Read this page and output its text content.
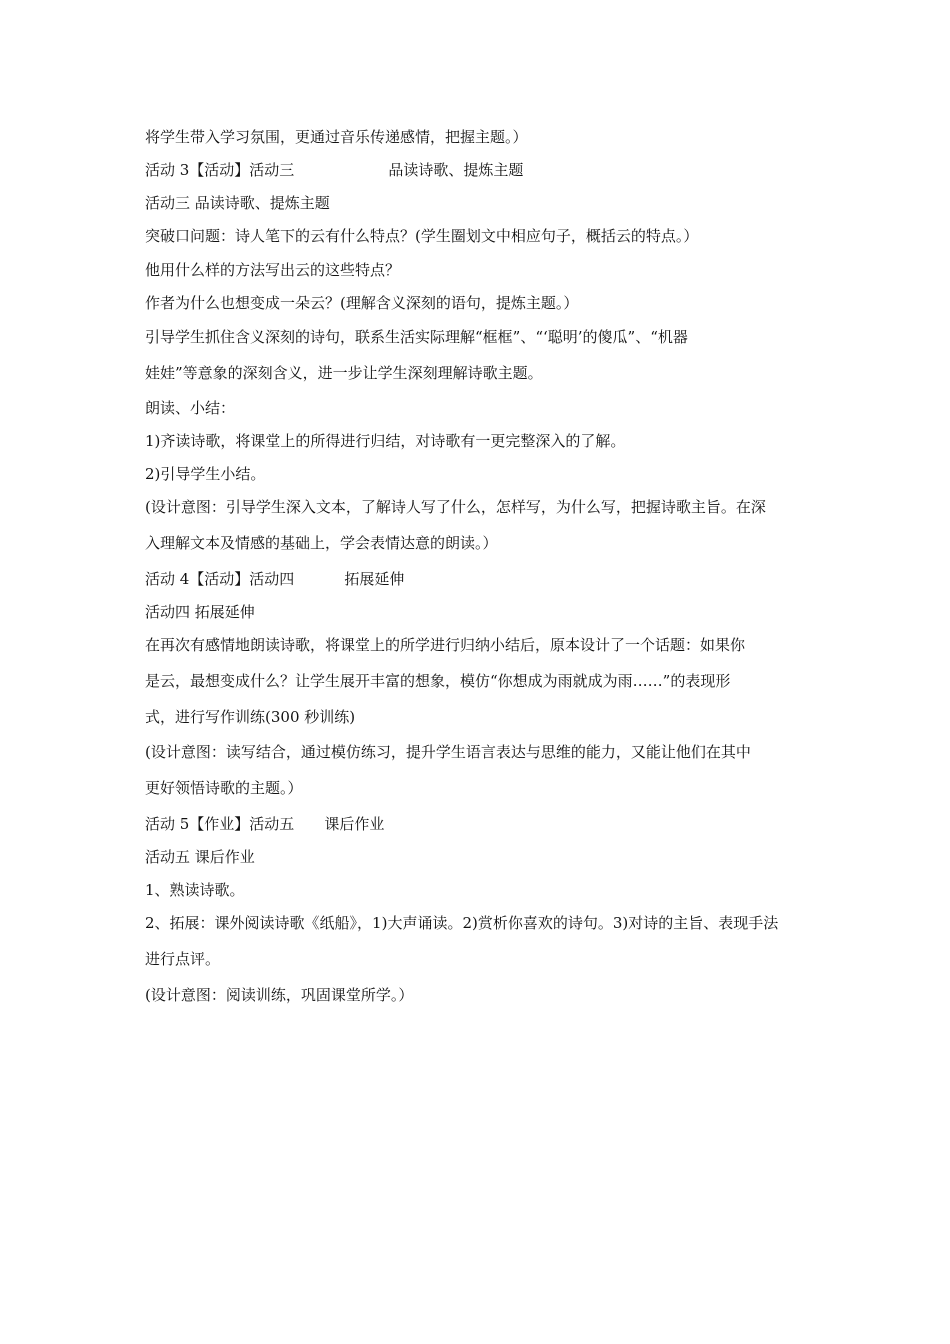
将学生带入学习氛围，更通过音乐传递感情，把握主题。）
活动 3【活动】活动三	品读诗歌、提炼主题
活动三 品读诗歌、提炼主题
突破口问题：诗人笔下的云有什么特点？(学生圈划文中相应句子，概括云的特点。）
他用什么样的方法写出云的这些特点？
作者为什么也想变成一朵云？(理解含义深刻的语句，提炼主题。）
引导学生抓住含义深刻的诗句，联系生活实际理解“框框”、“‘聪明’的傻瓜”、“机器
娃娃”等意象的深刻含义，进一步让学生深刻理解诗歌主题。
朗读、小结：
1)齐读诗歌，将课堂上的所得进行归结，对诗歌有一更完整深入的了解。
2)引导学生小结。
(设计意图：引导学生深入文本，了解诗人写了什么，怎样写，为什么写，把握诗歌主旨。在深
入理解文本及情感的基础上，学会表情达意的朗读。）
活动 4【活动】活动四	拓展延伸
活动四 拓展延伸
在再次有感情地朗读诗歌，将课堂上的所学进行归纳小结后，原本设计了一个话题：如果你
是云，最想变成什么？让学生展开丰富的想象，模仿“你想成为雨就成为雨……”的表现形
式，进行写作训练(300 秒训练)
(设计意图：读写结合，通过模仿练习，提升学生语言表达与思维的能力，又能让他们在其中
更好领悟诗歌的主题。）
活动 5【作业】活动五 课后作业
活动五 课后作业
1、熟读诗歌。
2、拓展：课外阅读诗歌《纸船》，1)大声诵读。2)赏析你喜欢的诗句。3)对诗的主旨、表现手法
进行点评。
(设计意图：阅读训练，巩固课堂所学。）
